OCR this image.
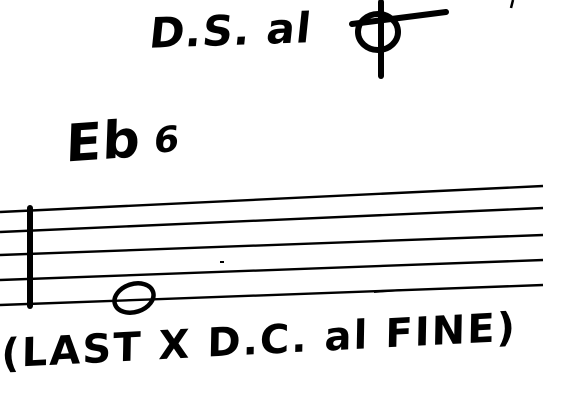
D.S. al
Eb 6
(LAST X D.C. al FINE)
